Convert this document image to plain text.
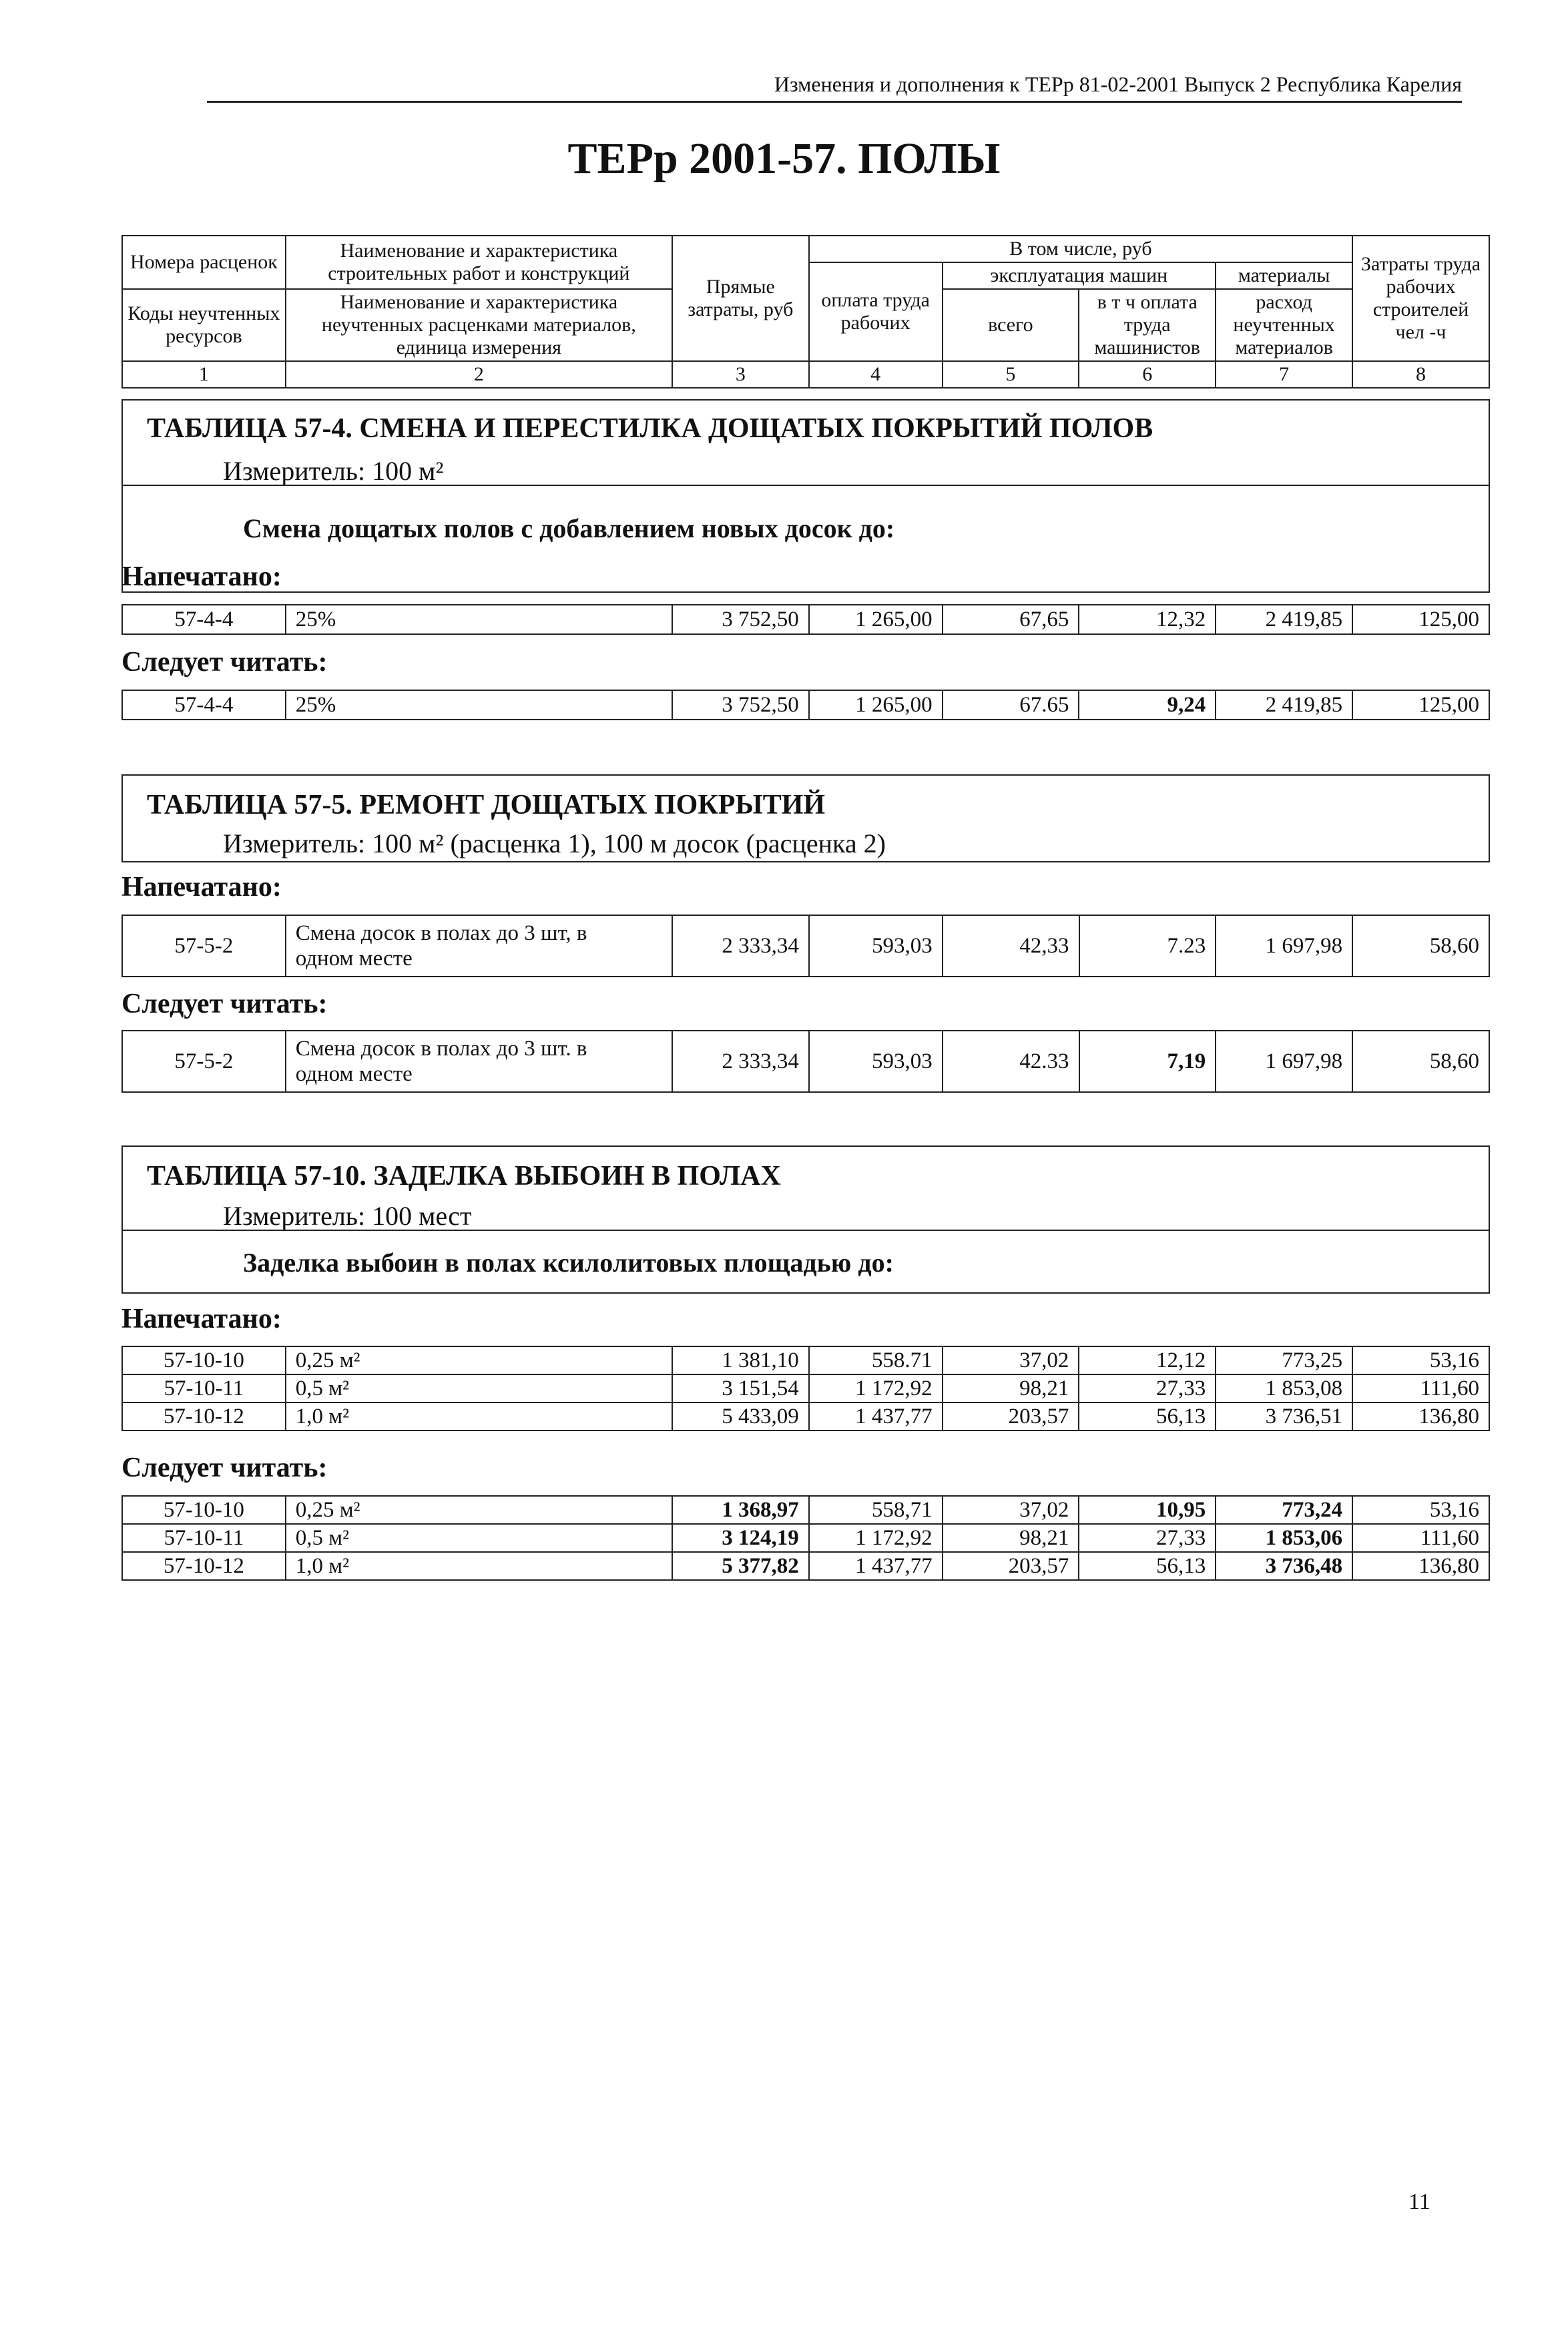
Изменения и дополнения к ТЕРр 81-02-2001 Выпуск 2 Республика Карелия
ТЕРр 2001-57. ПОЛЫ
Номера расценок	Наименование и характеристика строительных работ и конструкций	Прямые затраты, руб	В том числе, руб				Затраты труда рабочих строителей чел -ч
			оплата труда рабочих	эксплуатация машин		материалы	
Коды неучтенных ресурсов	Наименование и характеристика неучтенных расценками материалов, единица измерения			всего	в т ч оплата труда машинистов	расход неучтенных материалов	

1	2	3	4	5	6	7	8
ТАБЛИЦА 57-4. СМЕНА И ПЕРЕСТИЛКА ДОЩАТЫХ ПОКРЫТИЙ ПОЛОВ
Измеритель: 100 м²
Смена дощатых полов с добавлением новых досок до:
Напечатано:
57-4-4	25%	3 752,50	1 265,00	67,65	12,32	2 419,85	125,00
Следует читать:
57-4-4	25%	3 752,50	1 265,00	67.65	9,24	2 419,85	125,00
ТАБЛИЦА 57-5. РЕМОНТ ДОЩАТЫХ ПОКРЫТИЙ
Измеритель: 100 м² (расценка 1), 100 м досок (расценка 2)
Напечатано:
57-5-2	Смена досок в полах до 3 шт, в одном месте	2 333,34	593,03	42,33	7.23	1 697,98	58,60
Следует читать:
57-5-2	Смена досок в полах до 3 шт. в одном месте	2 333,34	593,03	42.33	7,19	1 697,98	58,60
ТАБЛИЦА 57-10. ЗАДЕЛКА ВЫБОИН В ПОЛАХ
Измеритель: 100 мест
Заделка выбоин в полах ксилолитовых площадью до:
Напечатано:
57-10-10	0,25 м²	1 381,10	558.71	37,02	12,12	773,25	53,16
57-10-11	0,5 м²	3 151,54	1 172,92	98,21	27,33	1 853,08	111,60
57-10-12	1,0 м²	5 433,09	1 437,77	203,57	56,13	3 736,51	136,80
Следует читать:
57-10-10	0,25 м²	1 368,97	558,71	37,02	10,95	773,24	53,16
57-10-11	0,5 м²	3 124,19	1 172,92	98,21	27,33	1 853,06	111,60
57-10-12	1,0 м²	5 377,82	1 437,77	203,57	56,13	3 736,48	136,80
11
